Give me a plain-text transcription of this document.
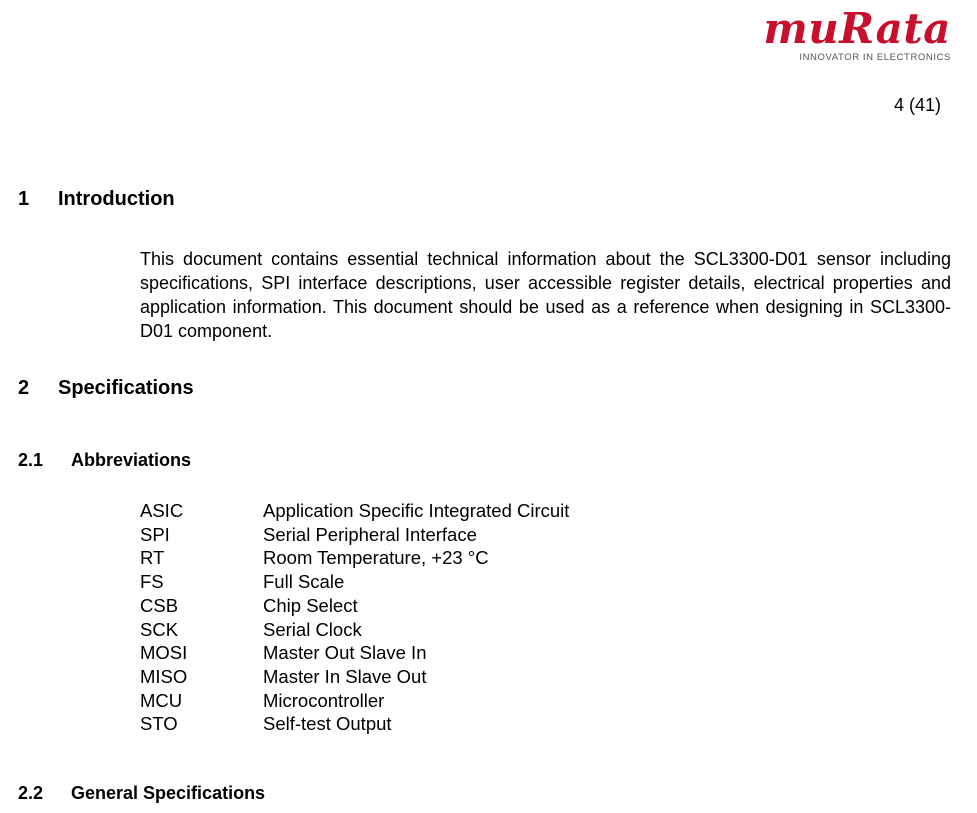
muRata
INNOVATOR IN ELECTRONICS
4 (41)
1 Introduction

This document contains essential technical information about the SCL3300-D01 sensor including specifications, SPI interface descriptions, user accessible register details, electrical properties and application information. This document should be used as a reference when designing in SCL3300-D01 component.

2 Specifications
2.1 Abbreviations
ASIC	Application Specific Integrated Circuit
SPI	Serial Peripheral Interface
RT	Room Temperature, +23 °C
FS	Full Scale
CSB	Chip Select
SCK	Serial Clock
MOSI	Master Out Slave In
MISO	Master In Slave Out
MCU	Microcontroller
STO	Self-test Output
2.2 General Specifications
